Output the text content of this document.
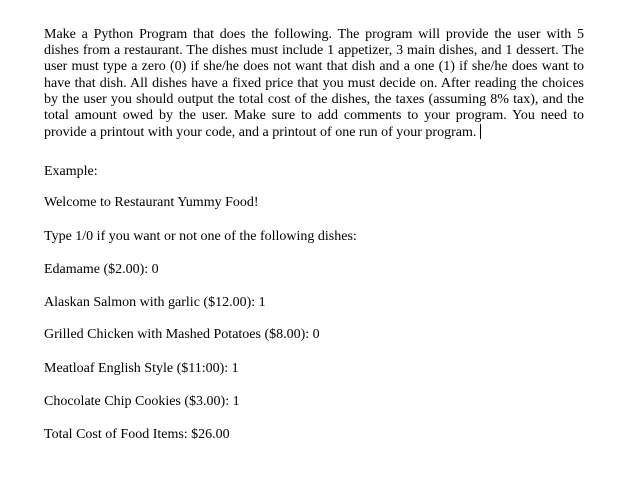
Make a Python Program that does the following. The program will provide the user with 5 dishes from a restaurant. The dishes must include 1 appetizer, 3 main dishes, and 1 dessert. The user must type a zero (0) if she/he does not want that dish and a one (1) if she/he does want to have that dish. All dishes have a fixed price that you must decide on. After reading the choices by the user you should output the total cost of the dishes, the taxes (assuming 8% tax), and the total amount owed by the user. Make sure to add comments to your program. You need to provide a printout with your code, and a printout of one run of your program.

Example:

Welcome to Restaurant Yummy Food!

Type 1/0 if you want or not one of the following dishes:

Edamame ($2.00): 0

Alaskan Salmon with garlic ($12.00): 1

Grilled Chicken with Mashed Potatoes ($8.00): 0

Meatloaf English Style ($11:00): 1

Chocolate Chip Cookies ($3.00): 1

Total Cost of Food Items: $26.00
